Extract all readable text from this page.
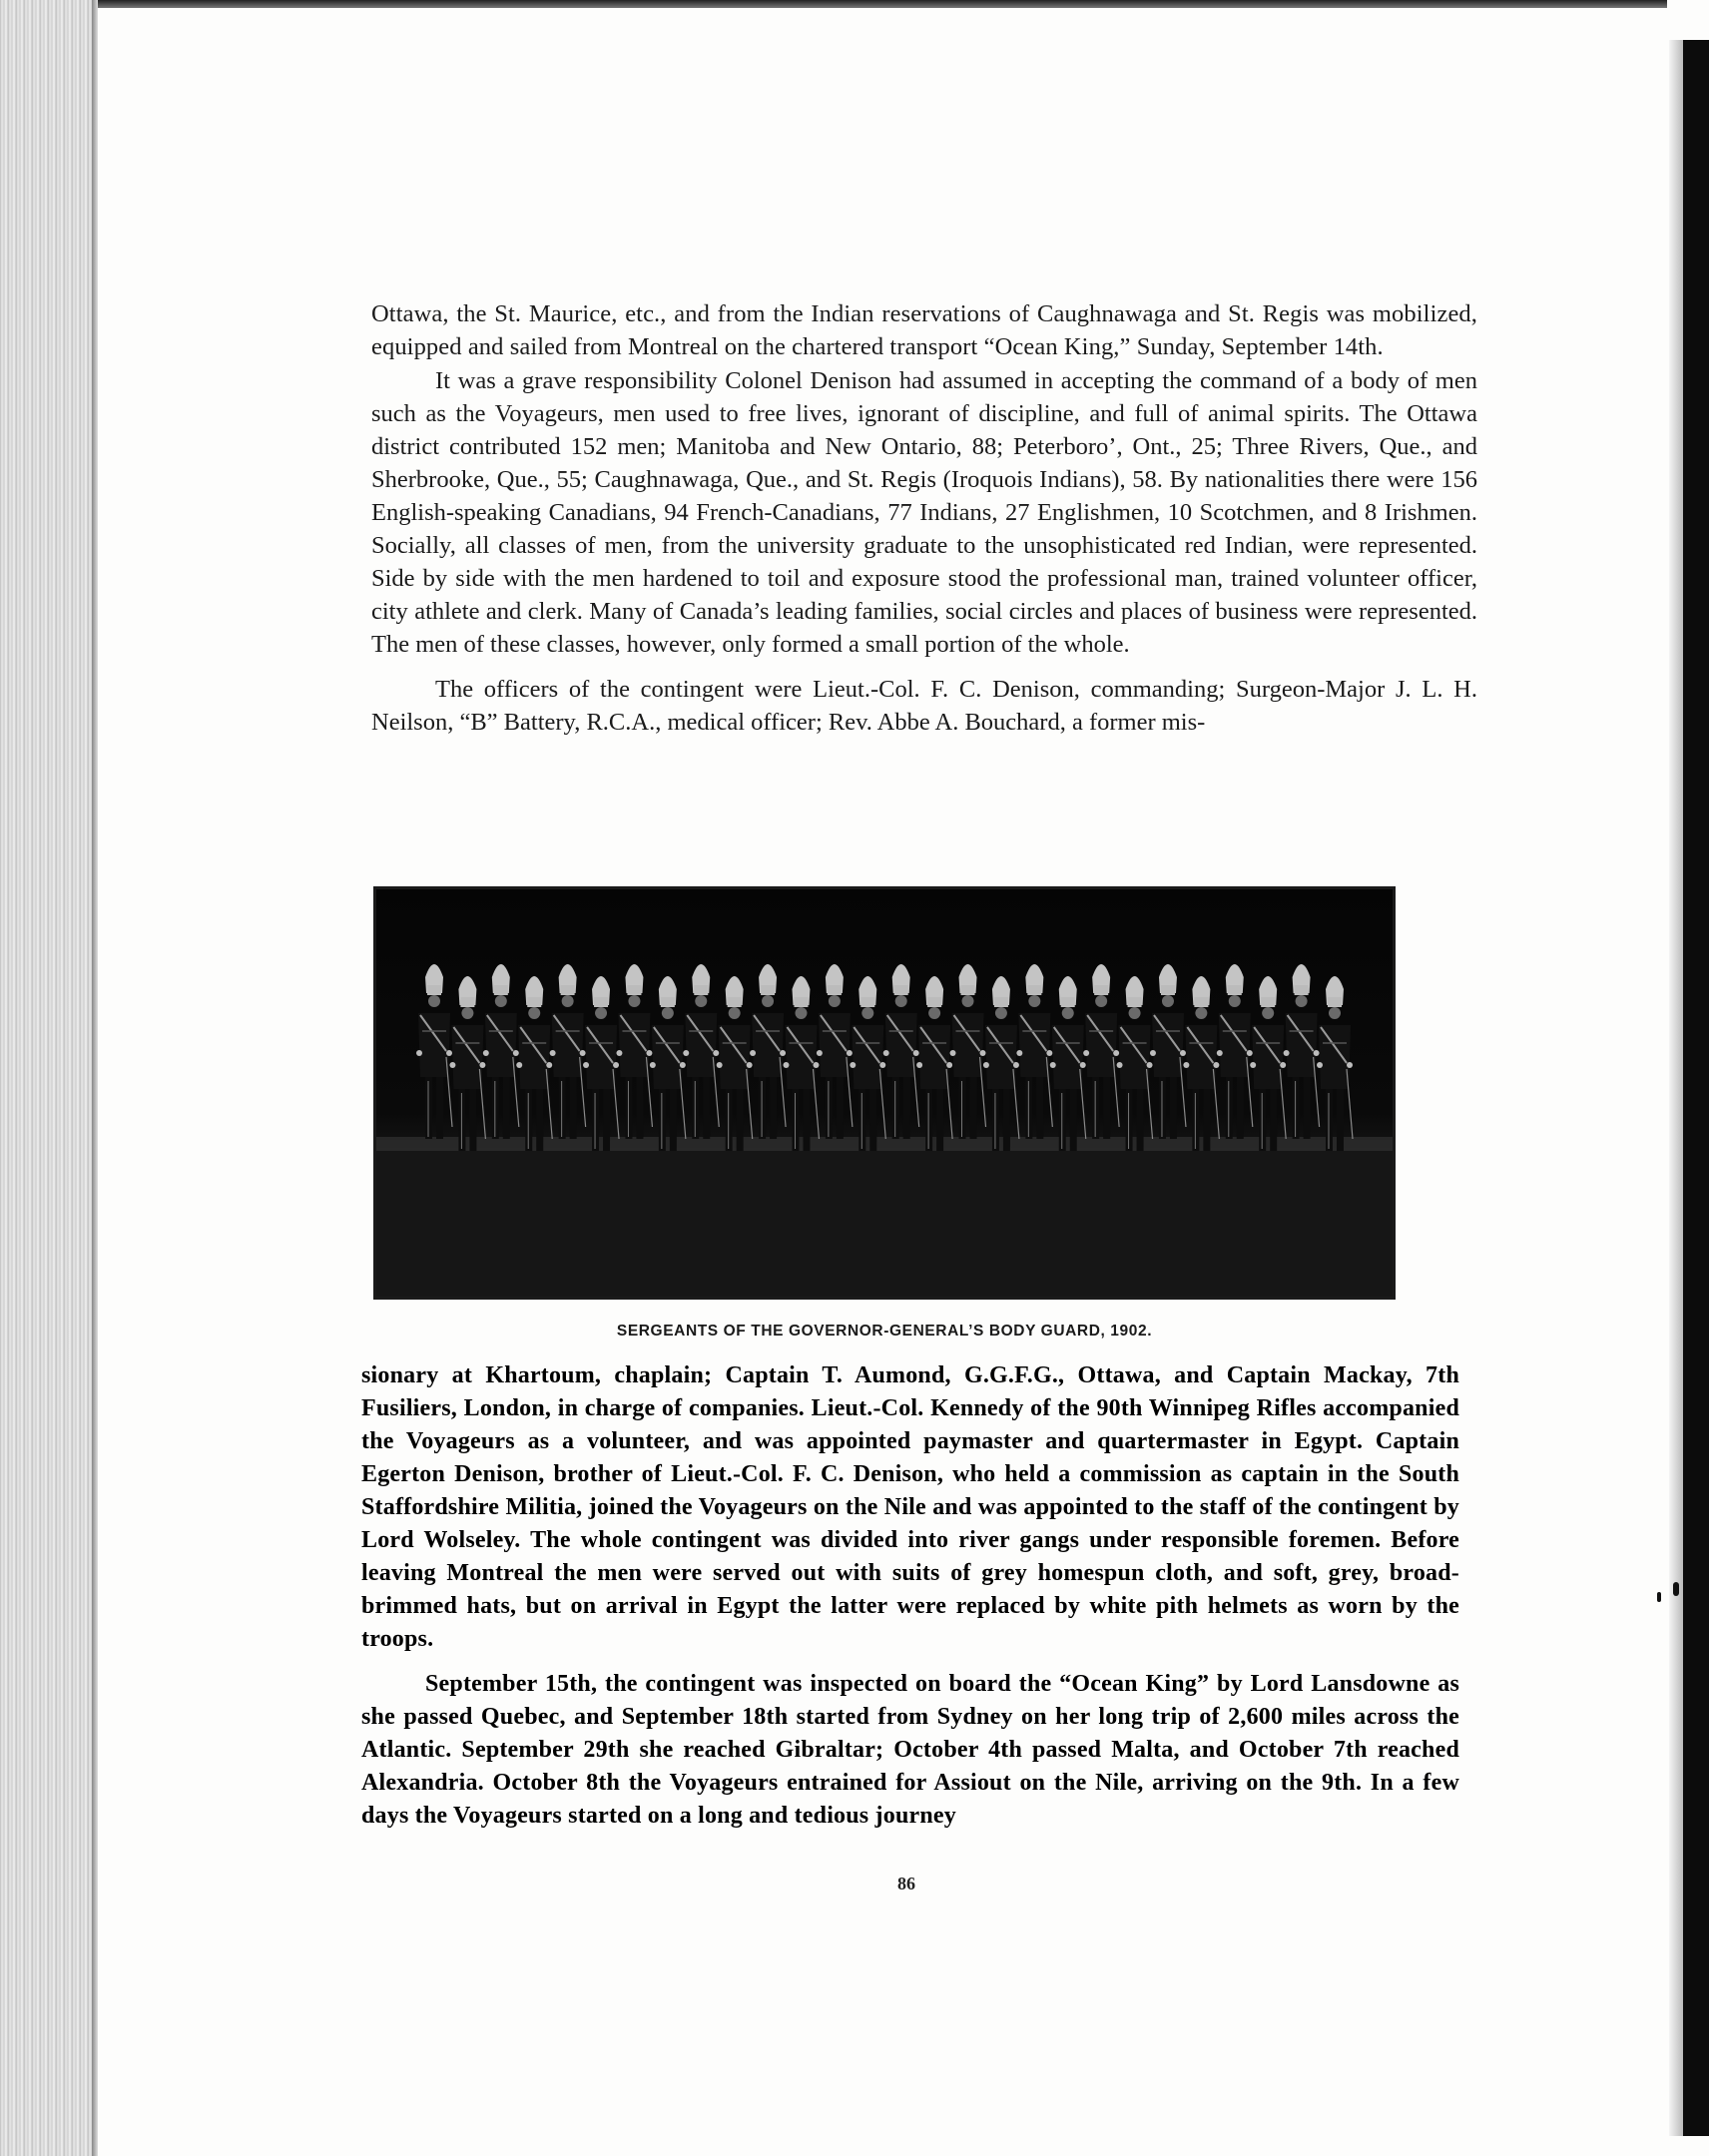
Ottawa, the St. Maurice, etc., and from the Indian reservations of Caughnawaga and St. Regis was mobilized, equipped and sailed from Montreal on the chartered transport “Ocean King,” Sunday, September 14th.

It was a grave responsibility Colonel Denison had assumed in accepting the command of a body of men such as the Voyageurs, men used to free lives, ignorant of discipline, and full of animal spirits. The Ottawa district contributed 152 men; Manitoba and New Ontario, 88; Peterboro’, Ont., 25; Three Rivers, Que., and Sherbrooke, Que., 55; Caughnawaga, Que., and St. Regis (Iroquois Indians), 58. By nationalities there were 156 English-speaking Canadians, 94 French-Canadians, 77 Indians, 27 Englishmen, 10 Scotchmen, and 8 Irishmen. Socially, all classes of men, from the university graduate to the unsophisticated red Indian, were represented. Side by side with the men hardened to toil and exposure stood the professional man, trained volunteer officer, city athlete and clerk. Many of Canada’s leading families, social circles and places of business were represented. The men of these classes, however, only formed a small portion of the whole.

The officers of the contingent were Lieut.-Col. F. C. Denison, commanding; Surgeon-Major J. L. H. Neilson, “B” Battery, R.C.A., medical officer; Rev. Abbe A. Bouchard, a former mis-

SERGEANTS OF THE GOVERNOR-GENERAL’S BODY GUARD, 1902.

sionary at Khartoum, chaplain; Captain T. Aumond, G.G.F.G., Ottawa, and Captain Mackay, 7th Fusiliers, London, in charge of companies. Lieut.-Col. Kennedy of the 90th Winnipeg Rifles accompanied the Voyageurs as a volunteer, and was appointed paymaster and quartermaster in Egypt. Captain Egerton Denison, brother of Lieut.-Col. F. C. Denison, who held a commission as captain in the South Staffordshire Militia, joined the Voyageurs on the Nile and was appointed to the staff of the contingent by Lord Wolseley. The whole contingent was divided into river gangs under responsible foremen. Before leaving Montreal the men were served out with suits of grey homespun cloth, and soft, grey, broad-brimmed hats, but on arrival in Egypt the latter were replaced by white pith helmets as worn by the troops.

September 15th, the contingent was inspected on board the “Ocean King” by Lord Lansdowne as she passed Quebec, and September 18th started from Sydney on her long trip of 2,600 miles across the Atlantic. September 29th she reached Gibraltar; October 4th passed Malta, and October 7th reached Alexandria. October 8th the Voyageurs entrained for Assiout on the Nile, arriving on the 9th. In a few days the Voyageurs started on a long and tedious journey

86
